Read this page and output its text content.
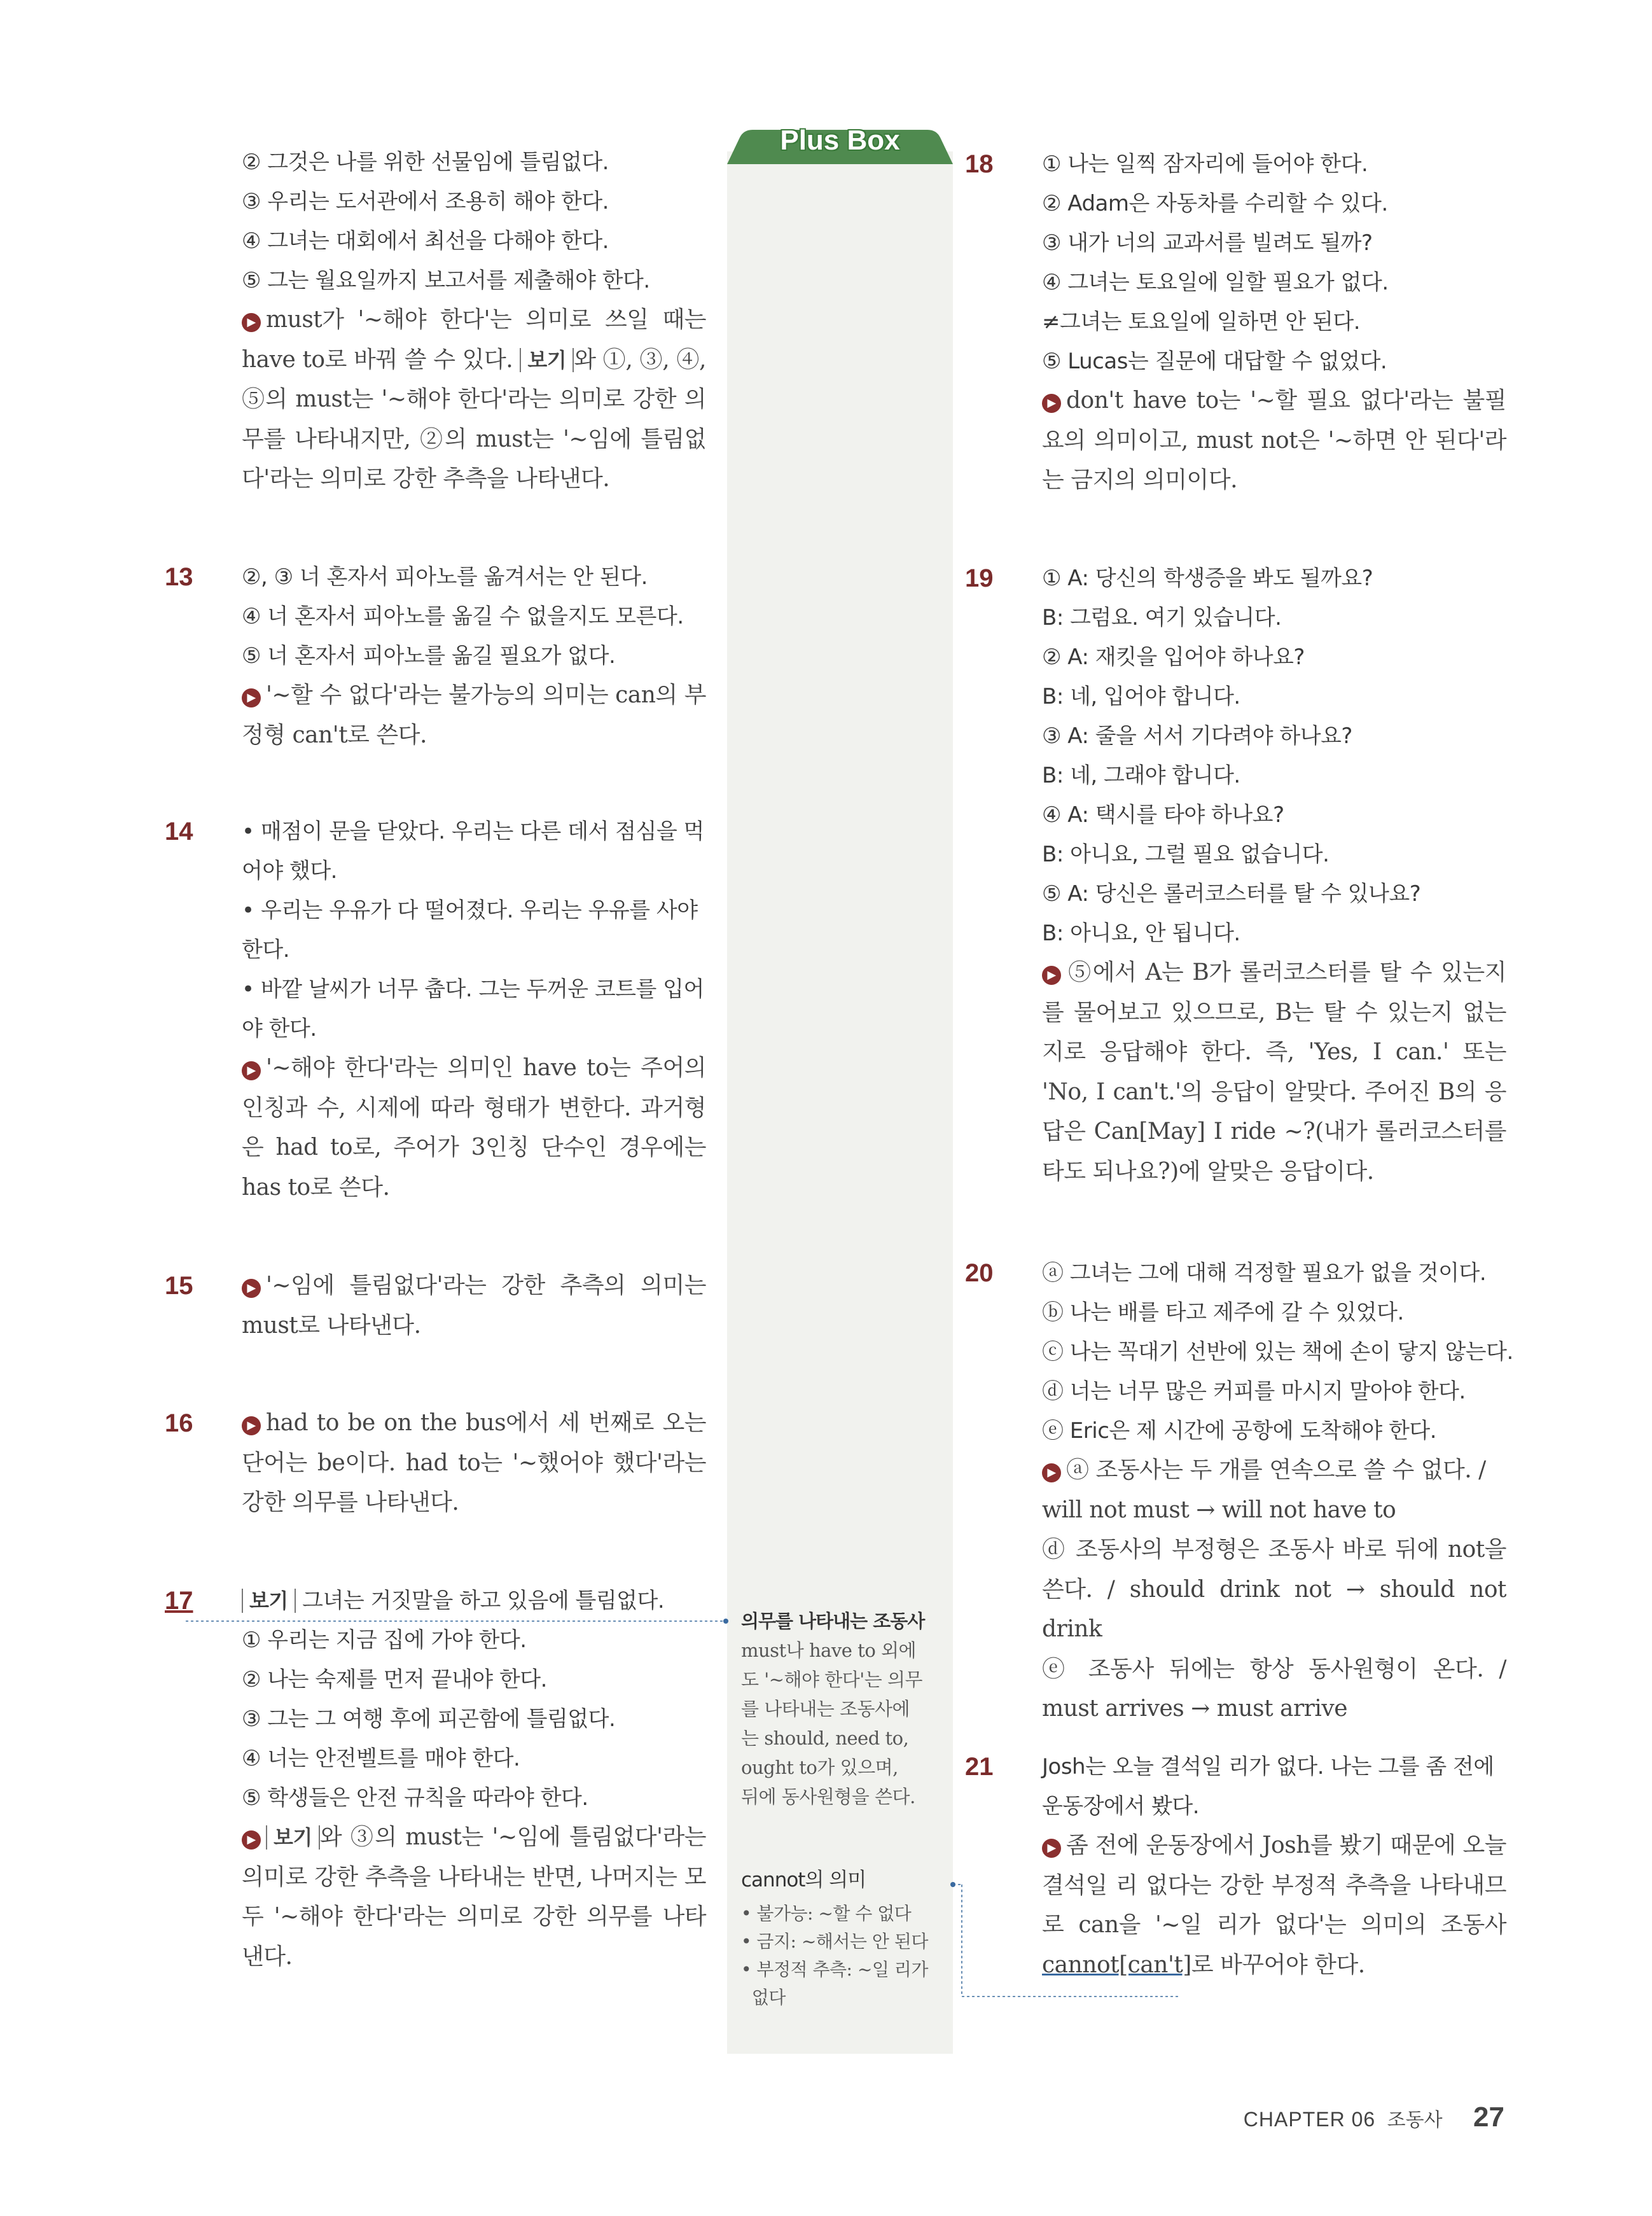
Plus Box
의무를 나타내는 조동사
must나 have to 외에
도 '~해야 한다'는 의무
를 나타내는 조동사에
는 should, need to,
ought to가 있으며,
뒤에 동사원형을 쓴다.
cannot의 의미
• 불가능: ~할 수 없다
• 금지: ~해서는 안 된다
• 부정적 추측: ~일 리가
없다
② 그것은 나를 위한 선물임에 틀림없다.
③ 우리는 도서관에서 조용히 해야 한다.
④ 그녀는 대회에서 최선을 다해야 한다.
⑤ 그는 월요일까지 보고서를 제출해야 한다.
▶ must가 '~해야 한다'는 의미로 쓰일 때는 have to로 바꿔 쓸 수 있다. 보기 와 ①, ③, ④, ⑤의 must는 '~해야 한다'라는 의미로 강한 의무를 나타내지만, ②의 must는 '~임에 틀림없다'라는 의미로 강한 추측을 나타낸다.
13 ②, ③ 너 혼자서 피아노를 옮겨서는 안 된다.
④ 너 혼자서 피아노를 옮길 수 없을지도 모른다.
⑤ 너 혼자서 피아노를 옮길 필요가 없다.
▶ '~할 수 없다'라는 불가능의 의미는 can의 부정형 can't로 쓴다.
14 • 매점이 문을 닫았다. 우리는 다른 데서 점심을 먹어야 했다.
• 우리는 우유가 다 떨어졌다. 우리는 우유를 사야 한다.
• 바깥 날씨가 너무 춥다. 그는 두꺼운 코트를 입어야 한다.
▶ '~해야 한다'라는 의미인 have to는 주어의 인칭과 수, 시제에 따라 형태가 변한다. 과거형은 had to로, 주어가 3인칭 단수인 경우에는 has to로 쓴다.
15	▶ '~임에 틀림없다'라는 강한 추측의 의미는 must로 나타낸다.
16	▶ had to be on the bus에서 세 번째로 오는 단어는 be이다. had to는 '~했어야 했다'라는 강한 의무를 나타낸다.
17	보기 그녀는 거짓말을 하고 있음에 틀림없다.
① 우리는 지금 집에 가야 한다.
② 나는 숙제를 먼저 끝내야 한다.
③ 그는 그 여행 후에 피곤함에 틀림없다.
④ 너는 안전벨트를 매야 한다.
⑤ 학생들은 안전 규칙을 따라야 한다.
▶ 보기 와 ③의 must는 '~임에 틀림없다'라는 의미로 강한 추측을 나타내는 반면, 나머지는 모두 '~해야 한다'라는 의미로 강한 의무를 나타낸다.
18 ① 나는 일찍 잠자리에 들어야 한다.
② Adam은 자동차를 수리할 수 있다.
③ 내가 너의 교과서를 빌려도 될까?
④ 그녀는 토요일에 일할 필요가 없다.
≠그녀는 토요일에 일하면 안 된다.
⑤ Lucas는 질문에 대답할 수 없었다.
▶ don't have to는 '~할 필요 없다'라는 불필요의 의미이고, must not은 '~하면 안 된다'라는 금지의 의미이다.
19 ① A: 당신의 학생증을 봐도 될까요?
B: 그럼요. 여기 있습니다.
② A: 재킷을 입어야 하나요?
B: 네, 입어야 합니다.
③ A: 줄을 서서 기다려야 하나요?
B: 네, 그래야 합니다.
④ A: 택시를 타야 하나요?
B: 아니요, 그럴 필요 없습니다.
⑤ A: 당신은 롤러코스터를 탈 수 있나요?
B: 아니요, 안 됩니다.
▶ ⑤에서 A는 B가 롤러코스터를 탈 수 있는지를 물어보고 있으므로, B는 탈 수 있는지 없는지로 응답해야 한다. 즉, 'Yes, I can.' 또는 'No, I can't.'의 응답이 알맞다. 주어진 B의 응답은 Can[May] I ride ~?(내가 롤러코스터를 타도 되나요?)에 알맞은 응답이다.
20 ⓐ 그녀는 그에 대해 걱정할 필요가 없을 것이다.
ⓑ 나는 배를 타고 제주에 갈 수 있었다.
ⓒ 나는 꼭대기 선반에 있는 책에 손이 닿지 않는다.
ⓓ 너는 너무 많은 커피를 마시지 말아야 한다.
ⓔ Eric은 제 시간에 공항에 도착해야 한다.
▶ ⓐ 조동사는 두 개를 연속으로 쓸 수 없다. /
will not must → will not have to
ⓓ 조동사의 부정형은 조동사 바로 뒤에 not을 쓴다. / should drink not → should not drink
ⓔ 조동사 뒤에는 항상 동사원형이 온다. / must arrives → must arrive
21 Josh는 오늘 결석일 리가 없다. 나는 그를 좀 전에
운동장에서 봤다.
▶ 좀 전에 운동장에서 Josh를 봤기 때문에 오늘 결석일 리 없다는 강한 부정적 추측을 나타내므로 can을 '~일 리가 없다'는 의미의 조동사 cannot[can't]로 바꾸어야 한다.
CHAPTER 06 조동사 27
